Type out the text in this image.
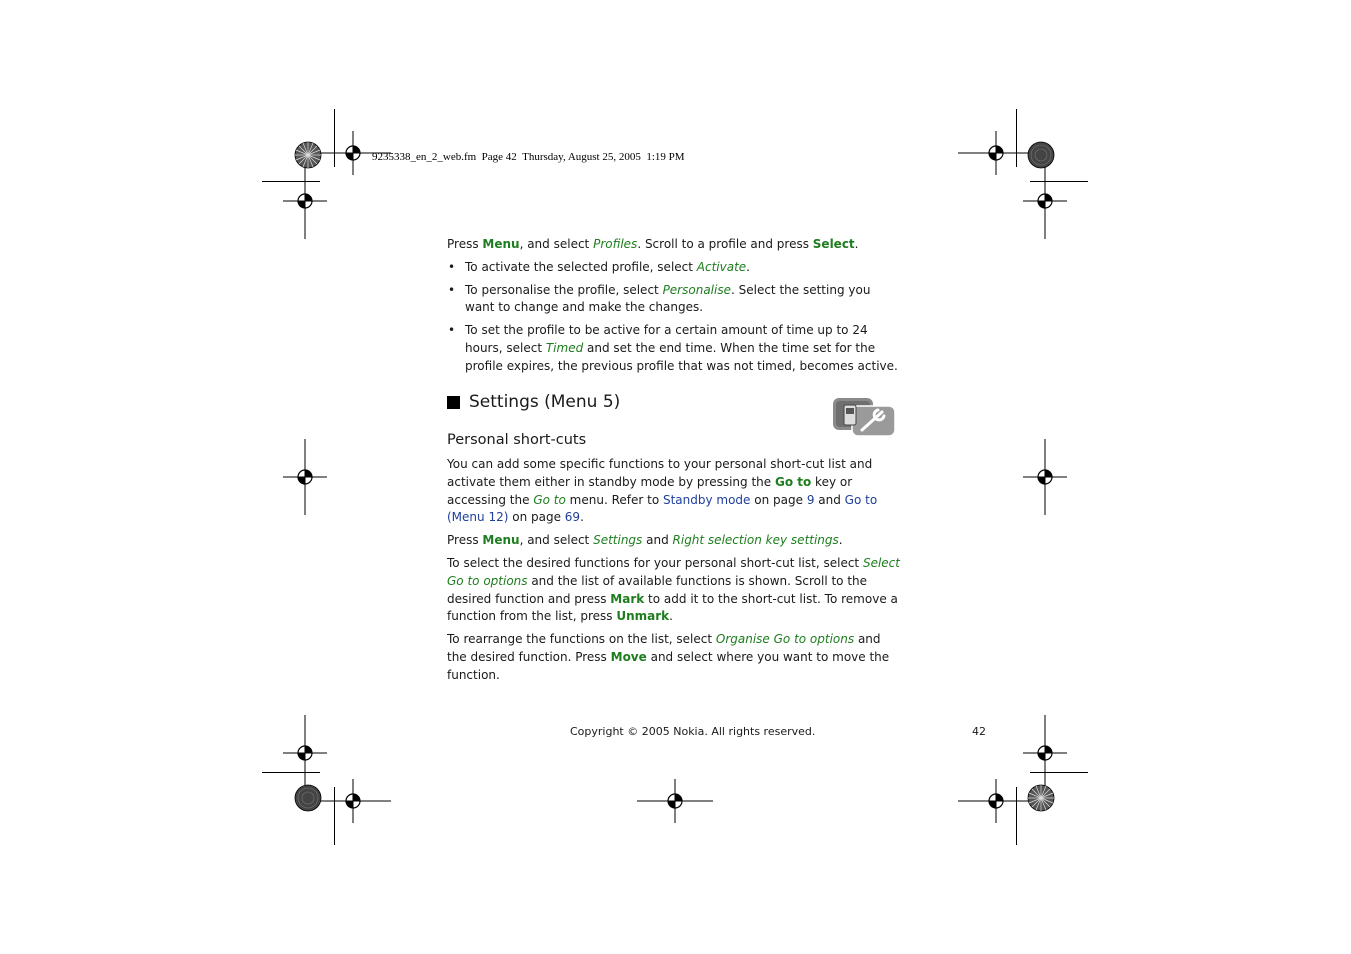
9235338_en_2_web.fm  Page 42  Thursday, August 25, 2005  1:19 PM

Press Menu, and select Profiles. Scroll to a profile and press Select.

• To activate the selected profile, select Activate.
• To personalise the profile, select Personalise. Select the setting you want to change and make the changes.
• To set the profile to be active for a certain amount of time up to 24 hours, select Timed and set the end time. When the time set for the profile expires, the previous profile that was not timed, becomes active.
Settings (Menu 5)
Personal short-cuts

You can add some specific functions to your personal short-cut list and activate them either in standby mode by pressing the Go to key or accessing the Go to menu. Refer to Standby mode on page 9 and Go to (Menu 12) on page 69.

Press Menu, and select Settings and Right selection key settings.

To select the desired functions for your personal short-cut list, select Select Go to options and the list of available functions is shown. Scroll to the desired function and press Mark to add it to the short-cut list. To remove a function from the list, press Unmark.

To rearrange the functions on the list, select Organise Go to options and the desired function. Press Move and select where you want to move the function.

Copyright © 2005 Nokia. All rights reserved.	42
